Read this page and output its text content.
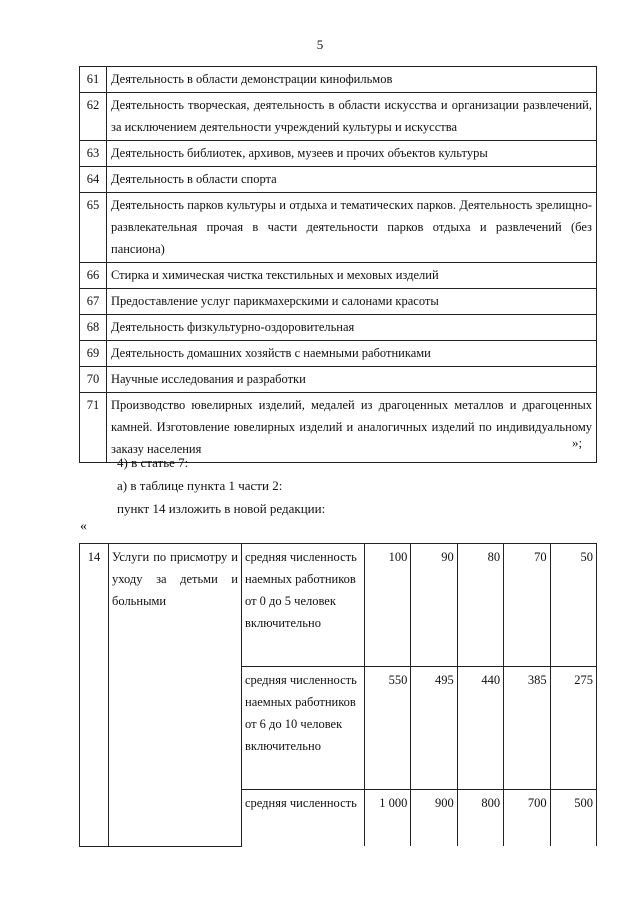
5
61	Деятельность в области демонстрации кинофильмов
62	Деятельность творческая, деятельность в области искусства и организации развлечений, за исключением деятельности учреждений культуры и искусства
63	Деятельность библиотек, архивов, музеев и прочих объектов культуры
64	Деятельность в области спорта
65	Деятельность парков культуры и отдыха и тематических парков. Деятельность зрелищно-развлекательная прочая в части деятельности парков отдыха и развлечений (без пансиона)
66	Стирка и химическая чистка текстильных и меховых изделий
67	Предоставление услуг парикмахерскими и салонами красоты
68	Деятельность физкультурно-оздоровительная
69	Деятельность домашних хозяйств с наемными работниками
70	Научные исследования и разработки
71	Производство ювелирных изделий, медалей из драгоценных металлов и драгоценных камней. Изготовление ювелирных изделий и аналогичных изделий по индивидуальному заказу населения	»;
4) в статье 7:
а) в таблице пункта 1 части 2:
пункт 14 изложить в новой редакции:
«
14	Услуги по присмотру и уходу за детьми и больными	средняя численность наемных работников от 0 до 5 человек включительно	100	90	80	70	50
		средняя численность наемных работников от 6 до 10 человек включительно	550	495	440	385	275
		средняя численность	1 000	900	800	700	500
